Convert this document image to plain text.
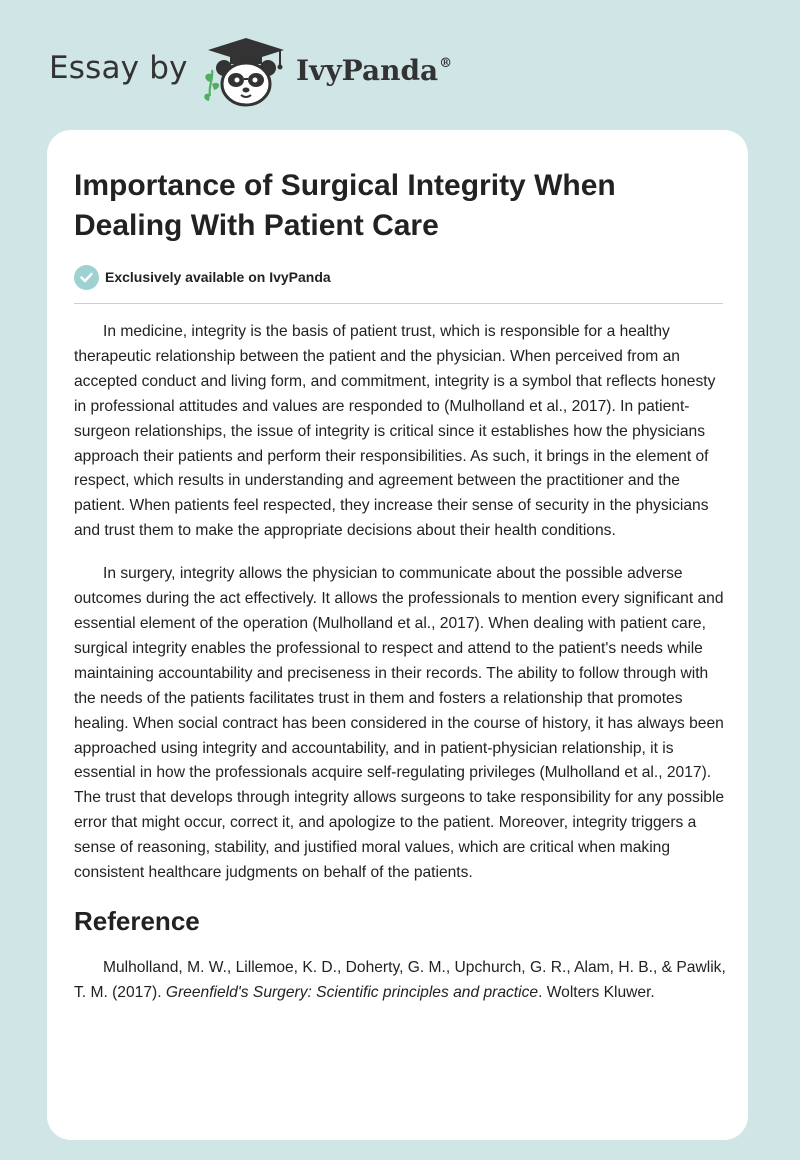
Essay by	IvyPanda®
Importance of Surgical Integrity When Dealing With Patient Care
Exclusively available on IvyPanda

In medicine, integrity is the basis of patient trust, which is responsible for a healthy therapeutic relationship between the patient and the physician. When perceived from an accepted conduct and living form, and commitment, integrity is a symbol that reflects honesty in professional attitudes and values are responded to (Mulholland et al., 2017). In patient-surgeon relationships, the issue of integrity is critical since it establishes how the physicians approach their patients and perform their responsibilities. As such, it brings in the element of respect, which results in understanding and agreement between the practitioner and the patient. When patients feel respected, they increase their sense of security in the physicians and trust them to make the appropriate decisions about their health conditions.

In surgery, integrity allows the physician to communicate about the possible adverse outcomes during the act effectively. It allows the professionals to mention every significant and essential element of the operation (Mulholland et al., 2017). When dealing with patient care, surgical integrity enables the professional to respect and attend to the patient's needs while maintaining accountability and preciseness in their records. The ability to follow through with the needs of the patients facilitates trust in them and fosters a relationship that promotes healing. When social contract has been considered in the course of history, it has always been approached using integrity and accountability, and in patient-physician relationship, it is essential in how the professionals acquire self-regulating privileges (Mulholland et al., 2017). The trust that develops through integrity allows surgeons to take responsibility for any possible error that might occur, correct it, and apologize to the patient. Moreover, integrity triggers a sense of reasoning, stability, and justified moral values, which are critical when making consistent healthcare judgments on behalf of the patients.

Reference

Mulholland, M. W., Lillemoe, K. D., Doherty, G. M., Upchurch, G. R., Alam, H. B., & Pawlik, T. M. (2017). Greenfield's Surgery: Scientific principles and practice. Wolters Kluwer.
